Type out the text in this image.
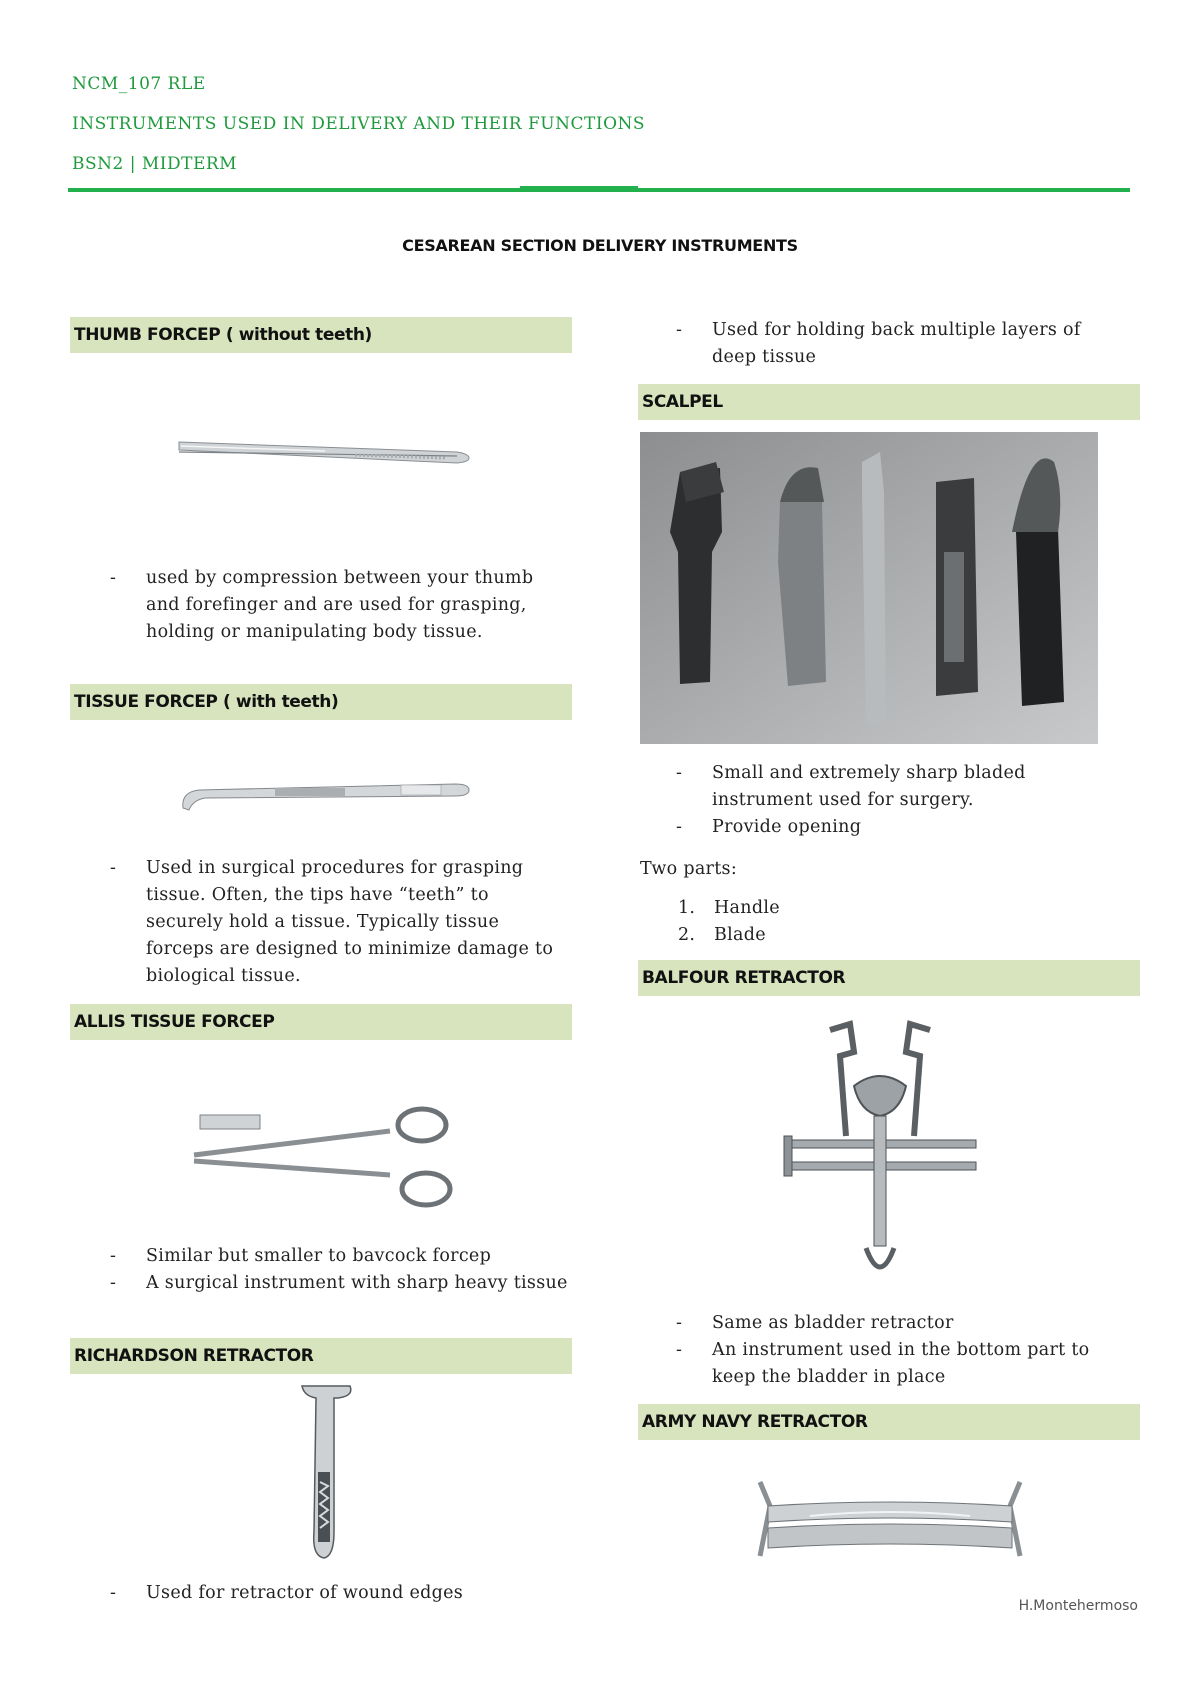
NCM_107 RLE
INSTRUMENTS USED IN DELIVERY AND THEIR FUNCTIONS
BSN2 | MIDTERM
CESAREAN SECTION DELIVERY INSTRUMENTS
THUMB FORCEP ( without teeth)
- used by compression between your thumb and forefinger and are used for grasping, holding or manipulating body tissue.
TISSUE FORCEP ( with teeth)
- Used in surgical procedures for grasping tissue. Often, the tips have “teeth” to securely hold a tissue. Typically tissue forceps are designed to minimize damage to biological tissue.
ALLIS TISSUE FORCEP
- Similar but smaller to bavcock forcep
- A surgical instrument with sharp heavy tissue
RICHARDSON RETRACTOR
- Used for retractor of wound edges
- Used for holding back multiple layers of deep tissue
SCALPEL
- Small and extremely sharp bladed instrument used for surgery.
- Provide opening
Two parts:
1. Handle
2. Blade
BALFOUR RETRACTOR
- Same as bladder retractor
- An instrument used in the bottom part to keep the bladder in place
ARMY NAVY RETRACTOR
H.Montehermoso
